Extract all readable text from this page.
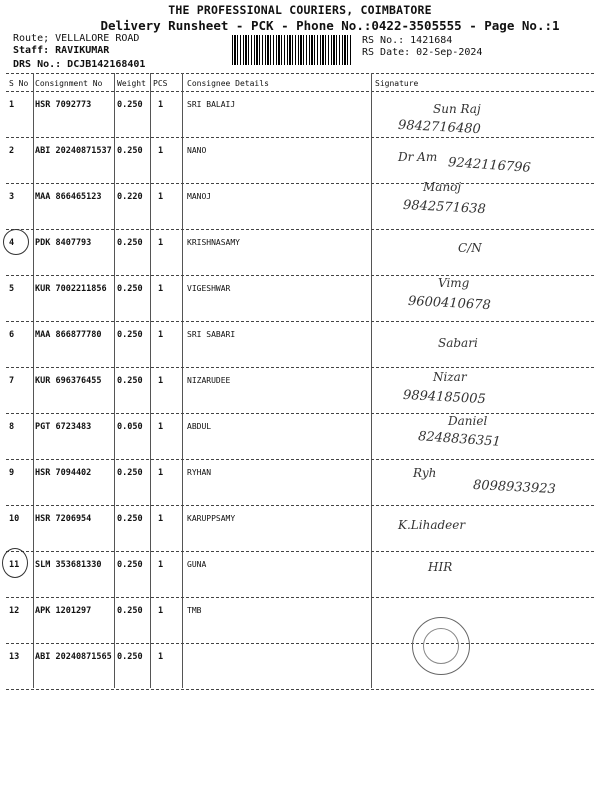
THE PROFESSIONAL COURIERS, COIMBATORE
Delivery Runsheet - PCK - Phone No.:0422-3505555 - Page No.:1
Route; VELLALORE ROAD
Staff: RAVIKUMAR
DRS No.: DCJB142168401
RS No.: 1421684
RS Date: 02-Sep-2024
S No Consignment No Weight PCS Consignee Details	Signature
1 HSR 7092773	0.250 1	SRI BALAIJ	Sun Raj
9842716480
2 ABI 20240871537 0.250 1	NANO	Dr Am 9242116796
3 MAA 866465123 0.220 1	MANOJ
Manoj
9842571638
4 PDK 8407793	0.250 1	KRISHNASAMY	C/N
5 KUR 7002211856 0.250 1	VIGESHWAR	Vimg
9600410678
6 MAA 866877780 0.250 1	SRI SABARI
Sabari
7 KUR 696376455 0.250 1	NIZARUDEE	Nizar
9894185005
8 PGT 6723483	0.050 1	ABDUL	Daniel
8248836351
9 HSR 7094402	0.250 1	RYHAN	Ryh
8098933923
10 HSR 7206954	0.250 1	KARUPPSAMY	K.Lihadeer
11 SLM 353681330 0.250 1	GUNA	HIR
12 APK 1201297	0.250 1	TMB
13 ABI 20240871565 0.250 1
